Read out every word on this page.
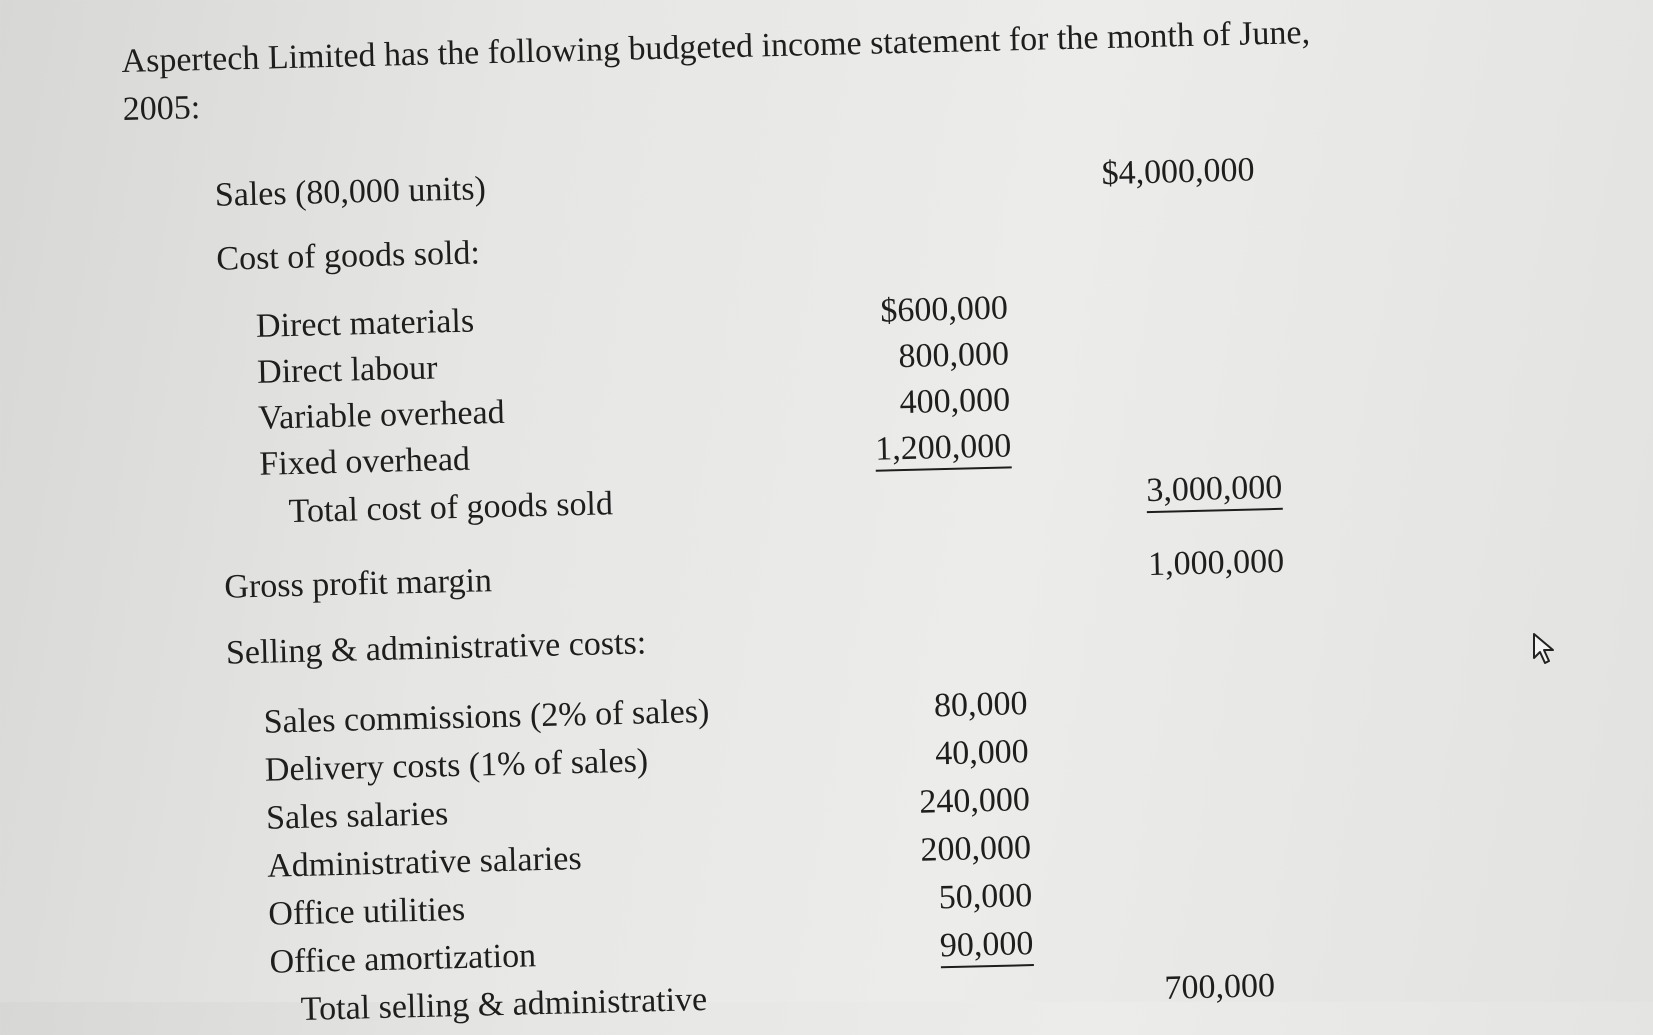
Aspertech Limited has the following budgeted income statement for the month of June,
2005:
Sales (80,000 units)	$4,000,000
Cost of goods sold:
Direct materials	$600,000
Direct labour	800,000
Variable overhead	400,000
Fixed overhead	1,200,000
Total cost of goods sold	3,000,000
Gross profit margin	1,000,000
Selling & administrative costs:
Sales commissions (2% of sales)	80,000
Delivery costs (1% of sales)	40,000
Sales salaries	240,000
Administrative salaries	200,000
Office utilities	50,000
Office amortization	90,000
Total selling & administrative	700,000
